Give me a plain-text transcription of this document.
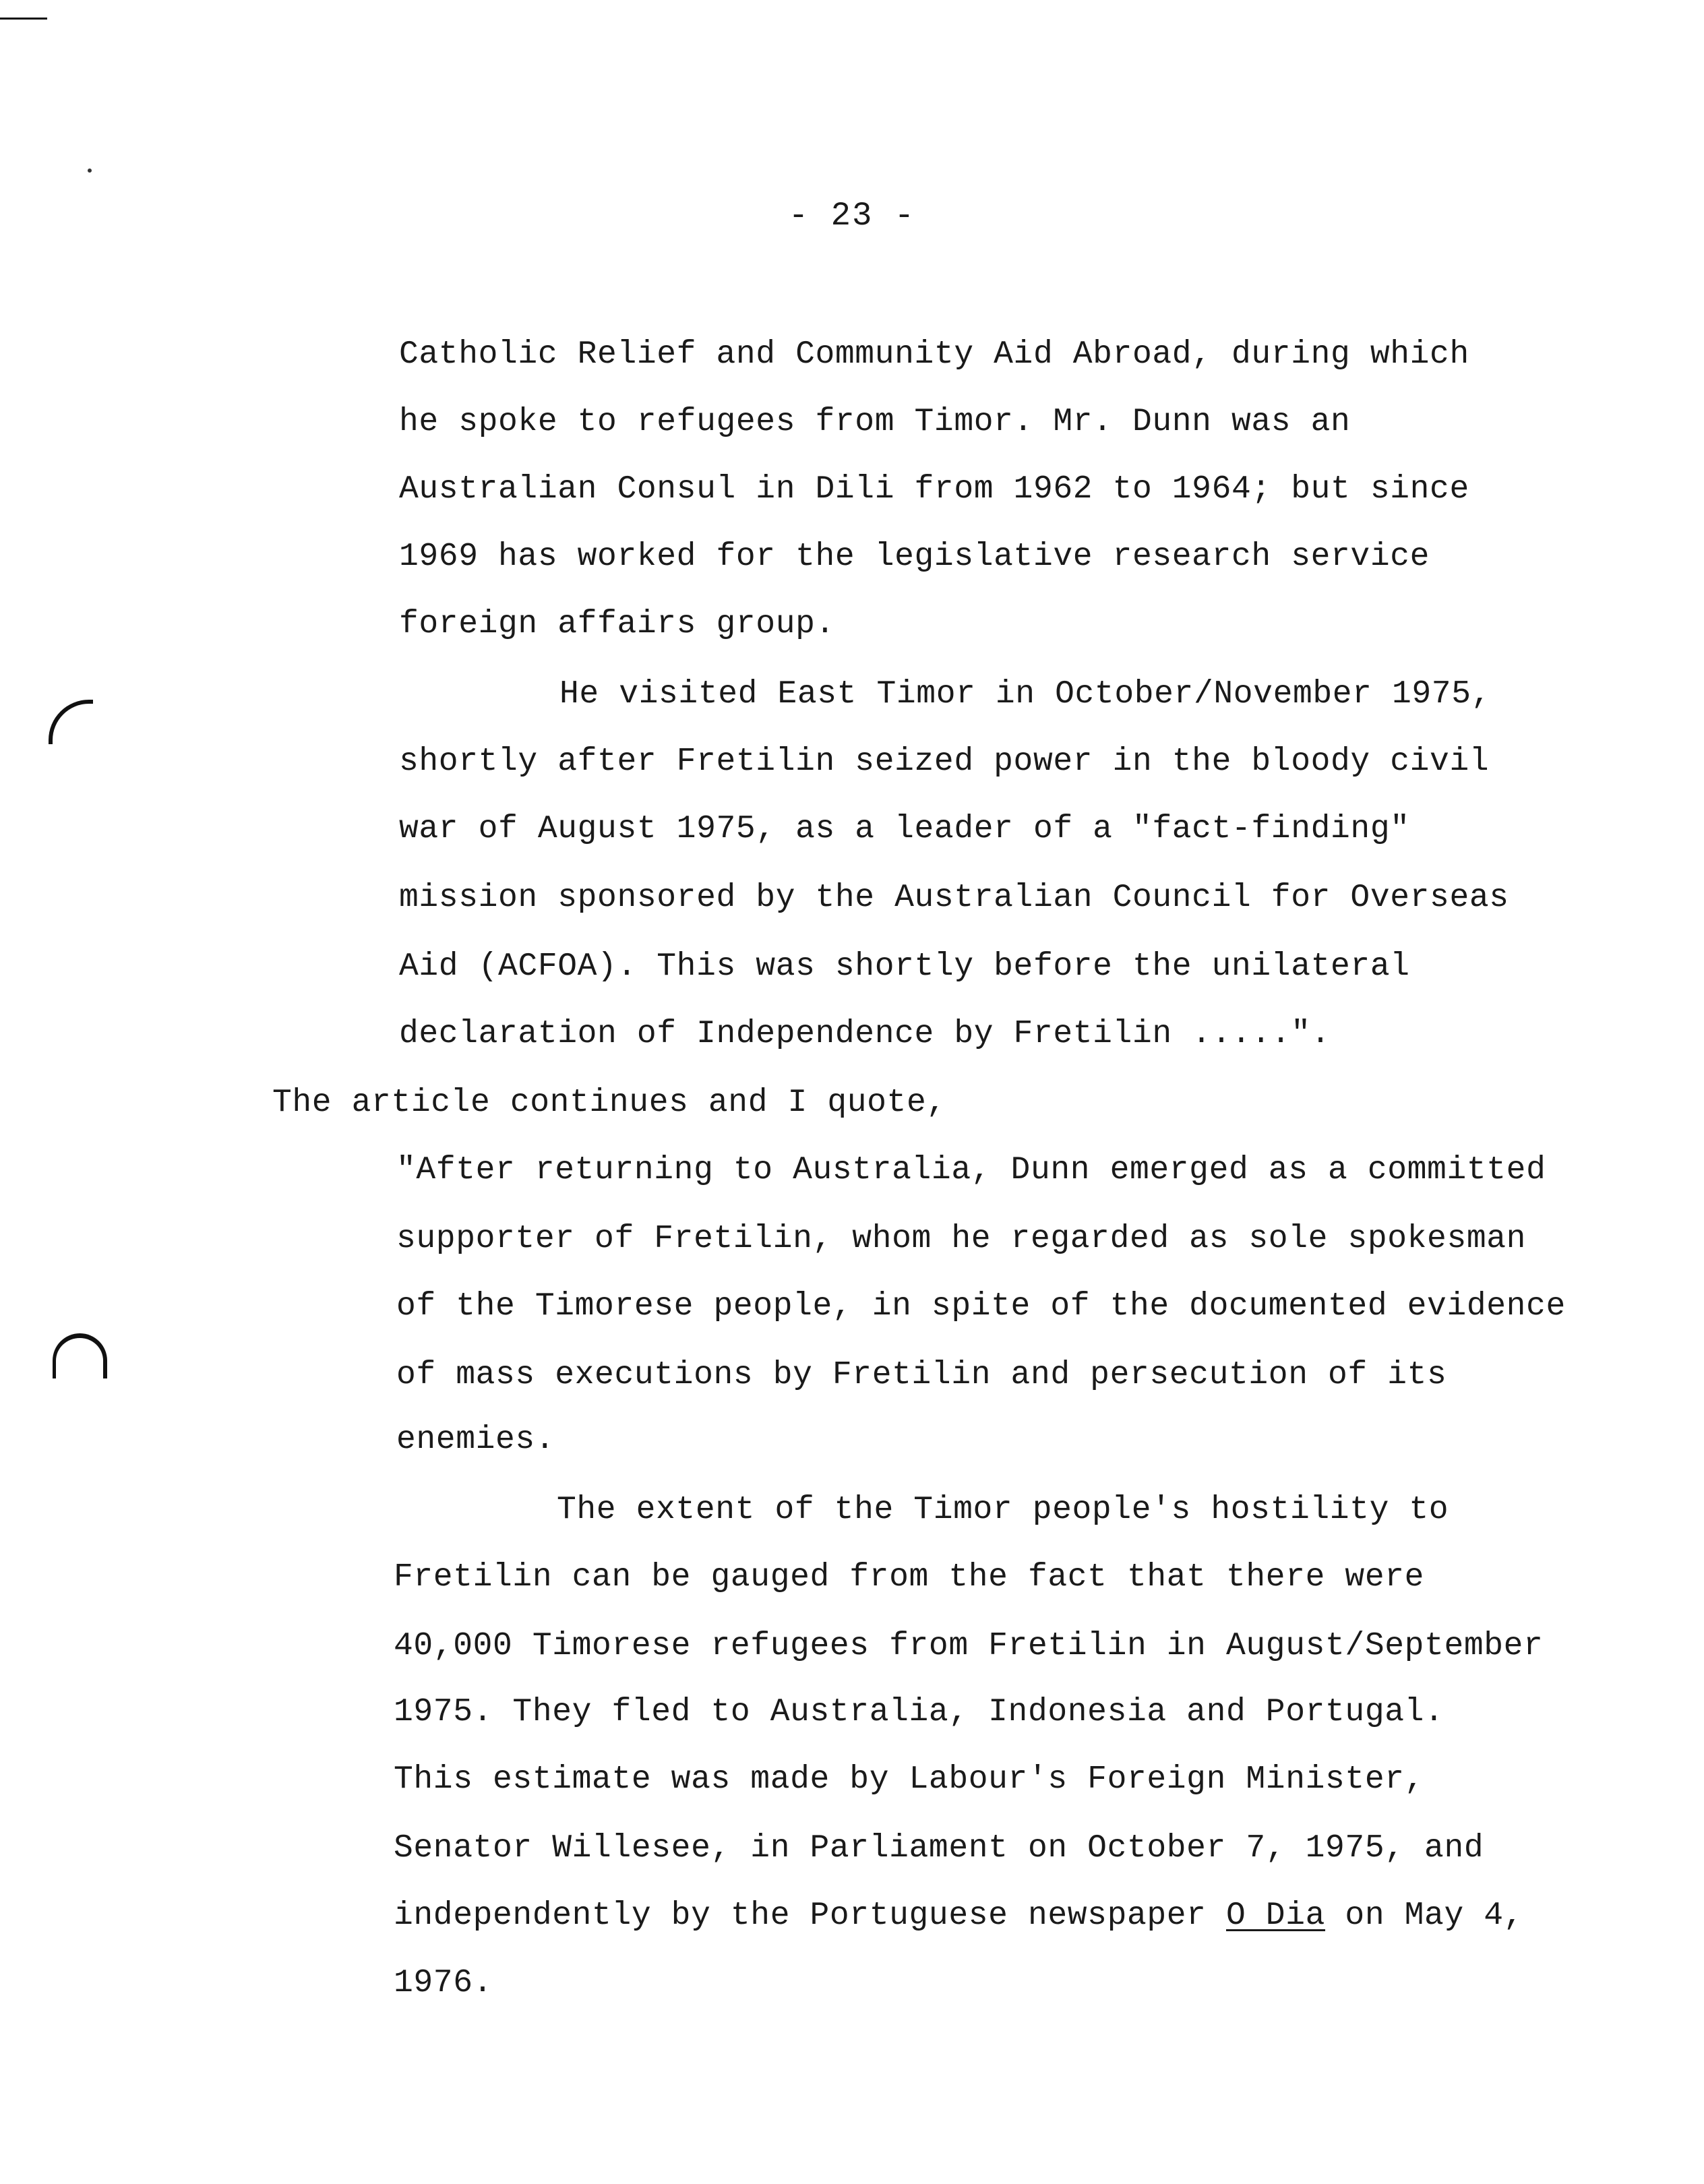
- 23 -
Catholic Relief and Community Aid Abroad, during which
he spoke to refugees from Timor. Mr. Dunn was an
Australian Consul in Dili from 1962 to 1964; but since
1969 has worked for the legislative research service
foreign affairs group.
He visited East Timor in October/November 1975,
shortly after Fretilin seized power in the bloody civil
war of August 1975, as a leader of a "fact-finding"
mission sponsored by the Australian Council for Overseas
Aid (ACFOA). This was shortly before the unilateral
declaration of Independence by Fretilin .....".
The article continues and I quote,
"After returning to Australia, Dunn emerged as a committed
supporter of Fretilin, whom he regarded as sole spokesman
of the Timorese people, in spite of the documented evidence
of mass executions by Fretilin and persecution of its
enemies.
The extent of the Timor people's hostility to
Fretilin can be gauged from the fact that there were
40,000 Timorese refugees from Fretilin in August/September
1975. They fled to Australia, Indonesia and Portugal.
This estimate was made by Labour's Foreign Minister,
Senator Willesee, in Parliament on October 7, 1975, and
independently by the Portuguese newspaper O Dia on May 4,
1976.
